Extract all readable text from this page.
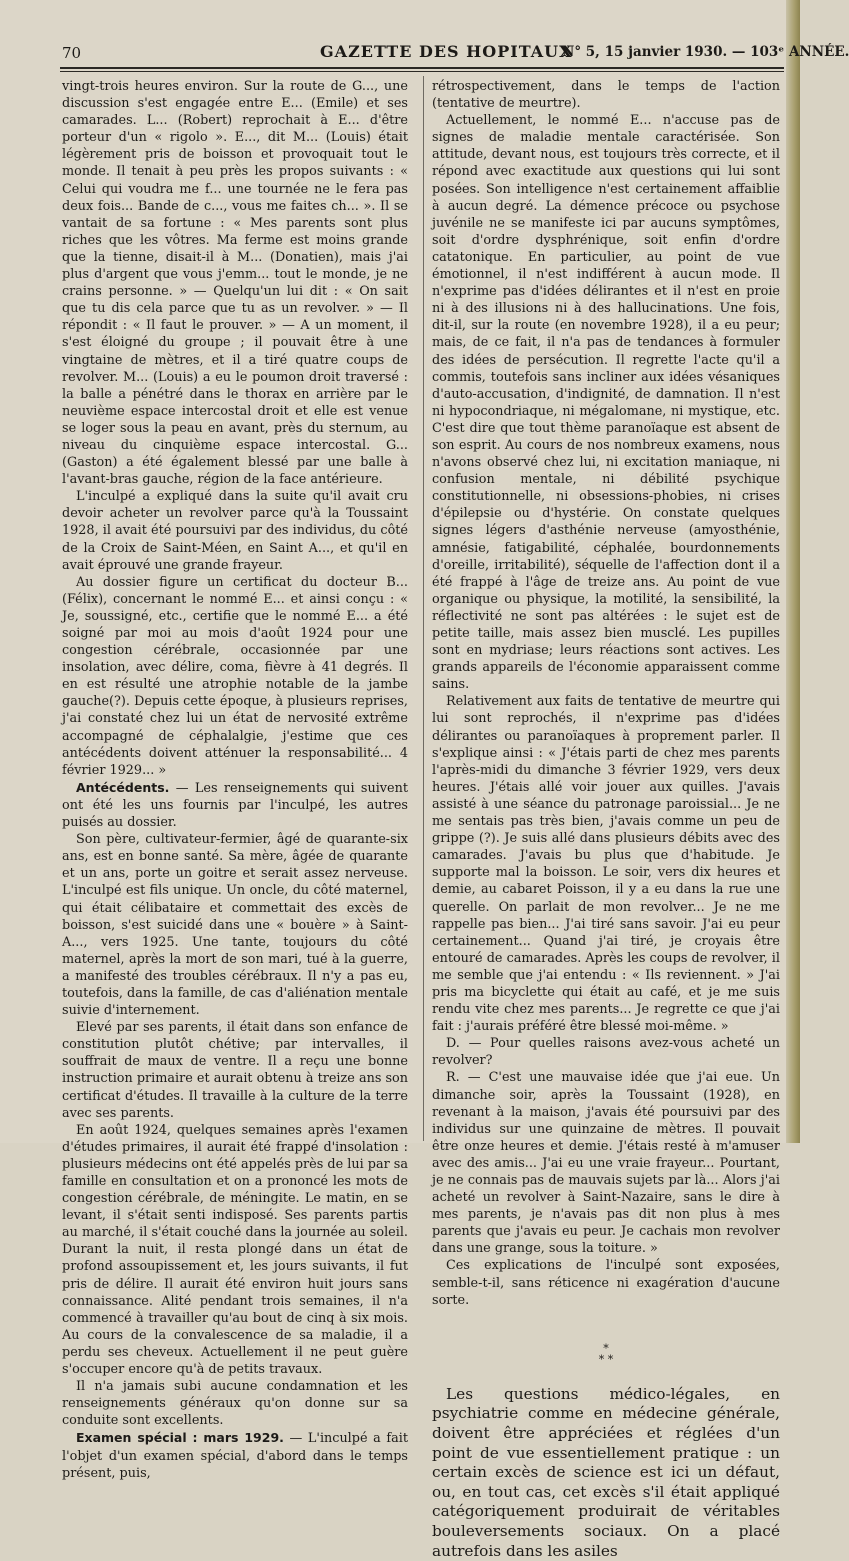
70	GAZETTE DES HOPITAUX
N° 5, 15 janvier 1930. — 103ᵉ ANNÉE.

vingt-trois heures environ. Sur la route de G..., une discussion s'est engagée entre E... (Emile) et ses camarades. L... (Robert) reprochait à E... d'être porteur d'un « rigolo ». E..., dit M... (Louis) était légèrement pris de boisson et provoquait tout le monde. Il tenait à peu près les propos suivants : « Celui qui voudra me f... une tournée ne le fera pas deux fois... Bande de c..., vous me faites ch... ». Il se vantait de sa fortune : « Mes parents sont plus riches que les vôtres. Ma ferme est moins grande que la tienne, disait-il à M... (Donatien), mais j'ai plus d'argent que vous j'emm... tout le monde, je ne crains personne. » — Quelqu'un lui dit : « On sait que tu dis cela parce que tu as un revolver. » — Il répondit : « Il faut le prouver. » — A un moment, il s'est éloigné du groupe ; il pouvait être à une vingtaine de mètres, et il a tiré quatre coups de revolver. M... (Louis) a eu le poumon droit traversé : la balle a pénétré dans le thorax en arrière par le neuvième espace intercostal droit et elle est venue se loger sous la peau en avant, près du sternum, au niveau du cinquième espace intercostal. G... (Gaston) a été également blessé par une balle à l'avant-bras gauche, région de la face antérieure.

L'inculpé a expliqué dans la suite qu'il avait cru devoir acheter un revolver parce qu'à la Toussaint 1928, il avait été poursuivi par des individus, du côté de la Croix de Saint-Méen, en Saint A..., et qu'il en avait éprouvé une grande frayeur.

Au dossier figure un certificat du docteur B... (Félix), concernant le nommé E... et ainsi conçu : « Je, soussigné, etc., certifie que le nommé E... a été soigné par moi au mois d'août 1924 pour une congestion cérébrale, occasionnée par une insolation, avec délire, coma, fièvre à 41 degrés. Il en est résulté une atrophie notable de la jambe gauche(?). Depuis cette époque, à plusieurs reprises, j'ai constaté chez lui un état de nervosité extrême accompagné de céphalalgie, j'estime que ces antécédents doivent atténuer la responsabilité... 4 février 1929... »

Antécédents. — Les renseignements qui suivent ont été les uns fournis par l'inculpé, les autres puisés au dossier.

Son père, cultivateur-fermier, âgé de quarante-six ans, est en bonne santé. Sa mère, âgée de quarante et un ans, porte un goitre et serait assez nerveuse. L'inculpé est fils unique. Un oncle, du côté maternel, qui était célibataire et commettait des excès de boisson, s'est suicidé dans une « bouère » à Saint-A..., vers 1925. Une tante, toujours du côté maternel, après la mort de son mari, tué à la guerre, a manifesté des troubles cérébraux. Il n'y a pas eu, toutefois, dans la famille, de cas d'aliénation mentale suivie d'internement.

Elevé par ses parents, il était dans son enfance de constitution plutôt chétive; par intervalles, il souffrait de maux de ventre. Il a reçu une bonne instruction primaire et aurait obtenu à treize ans son certificat d'études. Il travaille à la culture de la terre avec ses parents.

En août 1924, quelques semaines après l'examen d'études primaires, il aurait été frappé d'insolation : plusieurs médecins ont été appelés près de lui par sa famille en consultation et on a prononcé les mots de congestion cérébrale, de méningite. Le matin, en se levant, il s'était senti indisposé. Ses parents partis au marché, il s'était couché dans la journée au soleil. Durant la nuit, il resta plongé dans un état de profond assoupissement et, les jours suivants, il fut pris de délire. Il aurait été environ huit jours sans connaissance. Alité pendant trois semaines, il n'a commencé à travailler qu'au bout de cinq à six mois. Au cours de la convalescence de sa maladie, il a perdu ses cheveux. Actuellement il ne peut guère s'occuper encore qu'à de petits travaux.

Il n'a jamais subi aucune condamnation et les renseignements généraux qu'on donne sur sa conduite sont excellents.

Examen spécial : mars 1929. — L'inculpé a fait l'objet d'un examen spécial, d'abord dans le temps présent, puis,

rétrospectivement, dans le temps de l'action (tentative de meurtre).

Actuellement, le nommé E... n'accuse pas de signes de maladie mentale caractérisée. Son attitude, devant nous, est toujours très correcte, et il répond avec exactitude aux questions qui lui sont posées. Son intelligence n'est certainement affaiblie à aucun degré. La démence précoce ou psychose juvénile ne se manifeste ici par aucuns symptômes, soit d'ordre dysphrénique, soit enfin d'ordre catatonique. En particulier, au point de vue émotionnel, il n'est indifférent à aucun mode. Il n'exprime pas d'idées délirantes et il n'est en proie ni à des illusions ni à des hallucinations. Une fois, dit-il, sur la route (en novembre 1928), il a eu peur; mais, de ce fait, il n'a pas de tendances à formuler des idées de persécution. Il regrette l'acte qu'il a commis, toutefois sans incliner aux idées vésaniques d'auto-accusation, d'indignité, de damnation. Il n'est ni hypocondriaque, ni mégalomane, ni mystique, etc. C'est dire que tout thème paranoïaque est absent de son esprit. Au cours de nos nombreux examens, nous n'avons observé chez lui, ni excitation maniaque, ni confusion mentale, ni débilité psychique constitutionnelle, ni obsessions-phobies, ni crises d'épilepsie ou d'hystérie. On constate quelques signes légers d'asthénie nerveuse (amyosthénie, amnésie, fatigabilité, céphalée, bourdonnements d'oreille, irritabilité), séquelle de l'affection dont il a été frappé à l'âge de treize ans. Au point de vue organique ou physique, la motilité, la sensibilité, la réflectivité ne sont pas altérées : le sujet est de petite taille, mais assez bien musclé. Les pupilles sont en mydriase; leurs réactions sont actives. Les grands appareils de l'économie apparaissent comme sains.

Relativement aux faits de tentative de meurtre qui lui sont reprochés, il n'exprime pas d'idées délirantes ou paranoïaques à proprement parler. Il s'explique ainsi : « J'étais parti de chez mes parents l'après-midi du dimanche 3 février 1929, vers deux heures. J'étais allé voir jouer aux quilles. J'avais assisté à une séance du patronage paroissial... Je ne me sentais pas très bien, j'avais comme un peu de grippe (?). Je suis allé dans plusieurs débits avec des camarades. J'avais bu plus que d'habitude. Je supporte mal la boisson. Le soir, vers dix heures et demie, au cabaret Poisson, il y a eu dans la rue une querelle. On parlait de mon revolver... Je ne me rappelle pas bien... J'ai tiré sans savoir. J'ai eu peur certainement... Quand j'ai tiré, je croyais être entouré de camarades. Après les coups de revolver, il me semble que j'ai entendu : « Ils reviennent. » J'ai pris ma bicyclette qui était au café, et je me suis rendu vite chez mes parents... Je regrette ce que j'ai fait : j'aurais préféré être blessé moi-même. »

D. — Pour quelles raisons avez-vous acheté un revolver?

R. — C'est une mauvaise idée que j'ai eue. Un dimanche soir, après la Toussaint (1928), en revenant à la maison, j'avais été poursuivi par des individus sur une quinzaine de mètres. Il pouvait être onze heures et demie. J'étais resté à m'amuser avec des amis... J'ai eu une vraie frayeur... Pourtant, je ne connais pas de mauvais sujets par là... Alors j'ai acheté un revolver à Saint-Nazaire, sans le dire à mes parents, je n'avais pas dit non plus à mes parents que j'avais eu peur. Je cachais mon revolver dans une grange, sous la toiture. »

Ces explications de l'inculpé sont exposées, semble-t-il, sans réticence ni exagération d'aucune sorte.

*
* *

Les questions médico-légales, en psychiatrie comme en médecine générale, doivent être appréciées et réglées d'un point de vue essentiellement pratique : un certain excès de science est ici un défaut, ou, en tout cas, cet excès s'il était appliqué catégoriquement produirait de véritables bouleversements sociaux. On a placé autrefois dans les asiles
